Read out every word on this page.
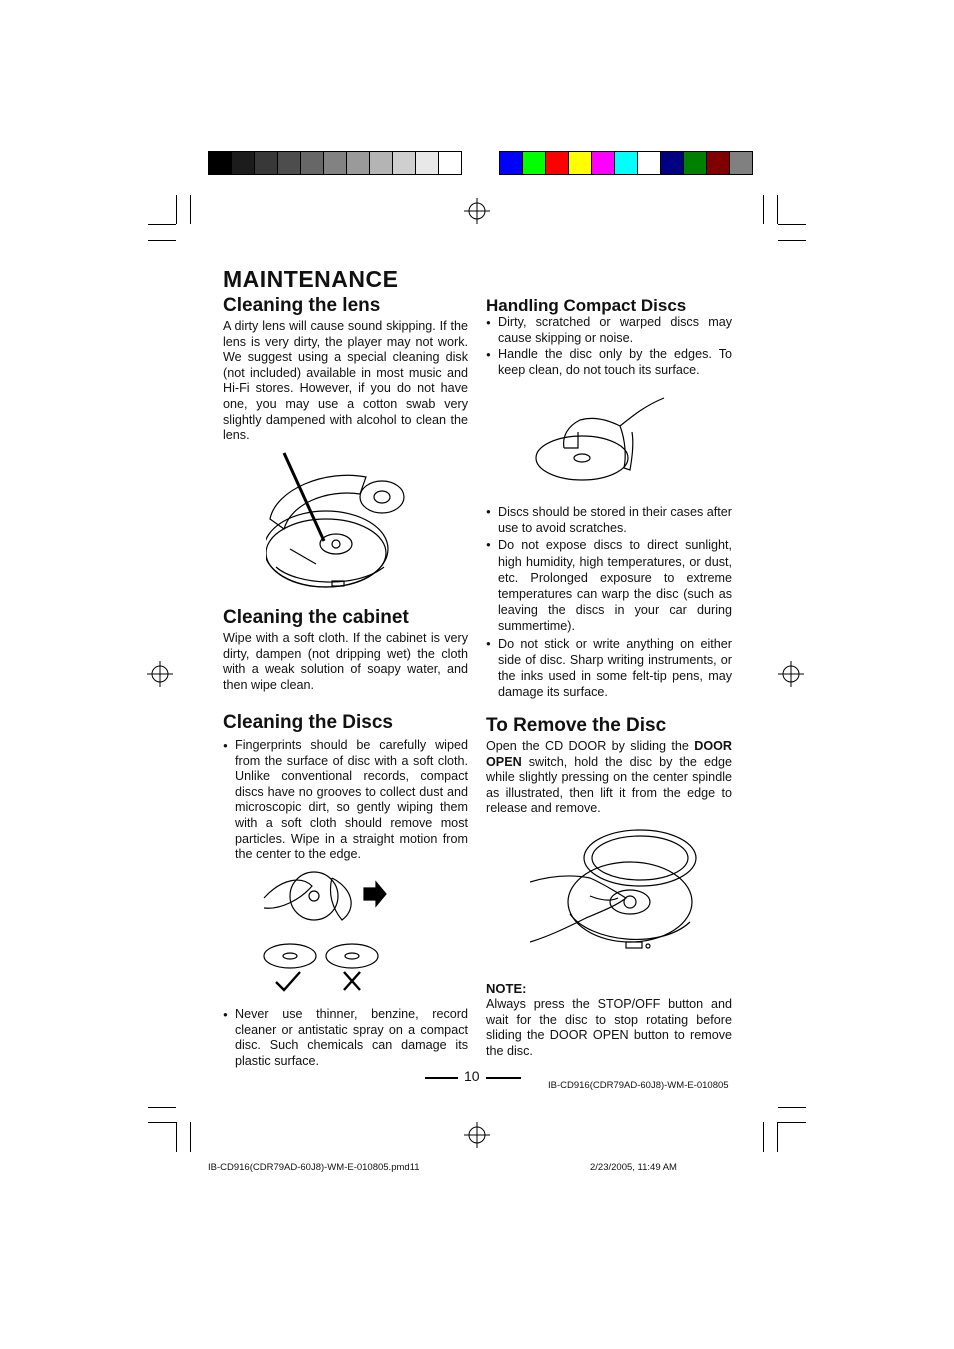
MAINTENANCE
Cleaning the lens

A dirty lens will cause sound skipping. If the lens is very dirty, the player may not work. We suggest using a special cleaning disk (not included) available in most music and Hi-Fi stores. However, if you do not have one, you may use a cotton swab very slightly dampened with alcohol to clean the lens.

Cleaning the cabinet

Wipe with a soft cloth. If the cabinet is very dirty, dampen (not dripping wet) the cloth with a weak solution of soapy water, and then wipe clean.

Cleaning the Discs
● Fingerprints should be carefully wiped from the surface of disc with a soft cloth. Unlike conventional records, compact discs have no grooves to collect dust and microscopic dirt, so gently wiping them with a soft cloth should remove most particles. Wipe in a straight motion from the center to the edge.
● Never use thinner, benzine, record cleaner or antistatic spray on a compact disc. Such chemicals can damage its plastic surface.
Handling Compact Discs
● Dirty, scratched or warped discs may cause skipping or noise.
● Handle the disc only by the edges. To keep clean, do not touch its surface.
● Discs should be stored in their cases after use to avoid scratches.
● Do not expose discs to direct sunlight, high humidity, high temperatures, or dust, etc. Prolonged exposure to extreme temperatures can warp the disc (such as leaving the discs in your car during summertime).
● Do not stick or write anything on either side of disc. Sharp writing instruments, or the inks used in some felt-tip pens, may damage its surface.
To Remove the Disc

Open the CD DOOR by sliding the DOOR OPEN switch, hold the disc by the edge while slightly pressing on the center spindle as illustrated, then lift it from the edge to release and remove.

NOTE:

Always press the STOP/OFF button and wait for the disc to stop rotating before sliding the DOOR OPEN button to remove the disc.

10
IB-CD916(CDR79AD-60J8)-WM-E-010805
IB-CD916(CDR79AD-60J8)-WM-E-010805.pmd11	2/23/2005, 11:49 AM
